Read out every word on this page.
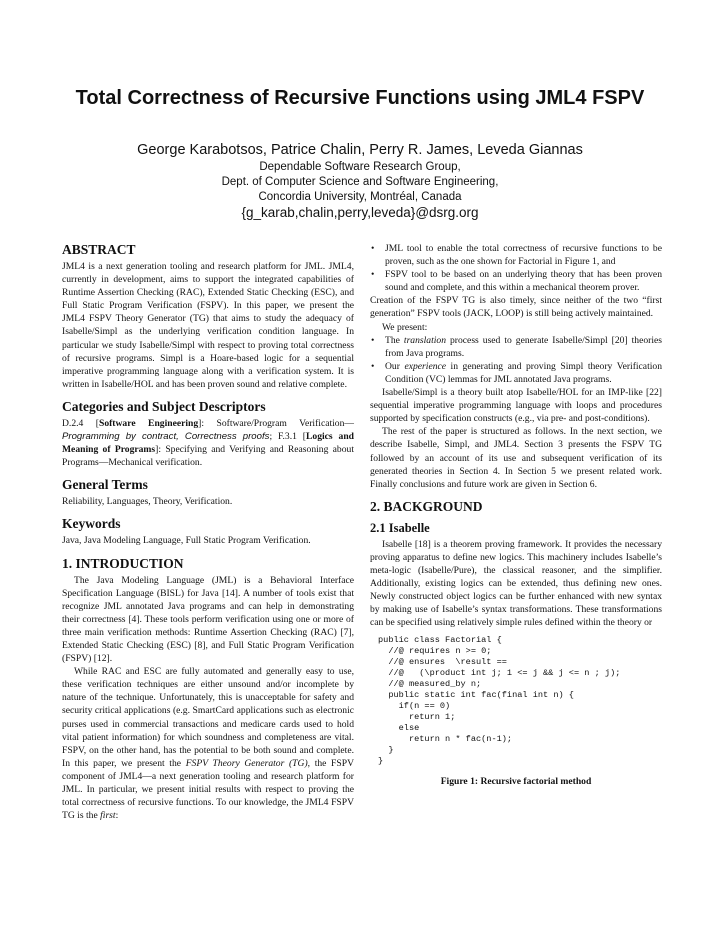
Total Correctness of Recursive Functions using JML4 FSPV
George Karabotsos, Patrice Chalin, Perry R. James, Leveda Giannas
Dependable Software Research Group,
Dept. of Computer Science and Software Engineering,
Concordia University, Montréal, Canada
{g_karab,chalin,perry,leveda}@dsrg.org
ABSTRACT

JML4 is a next generation tooling and research platform for JML. JML4, currently in development, aims to support the integrated capabilities of Runtime Assertion Checking (RAC), Extended Static Checking (ESC), and Full Static Program Verification (FSPV). In this paper, we present the JML4 FSPV Theory Generator (TG) that aims to study the adequacy of Isabelle/Simpl as the underlying verification condition language. In particular we study Isabelle/Simpl with respect to proving total correctness of recursive programs. Simpl is a Hoare-based logic for a sequential imperative programming language along with a verification system. It is written in Isabelle/HOL and has been proven sound and relative complete.

Categories and Subject Descriptors

D.2.4 [Software Engineering]: Software/Program Verification—Programming by contract, Correctness proofs; F.3.1 [Logics and Meaning of Programs]: Specifying and Verifying and Reasoning about Programs—Mechanical verification.

General Terms

Reliability, Languages, Theory, Verification.

Keywords

Java, Java Modeling Language, Full Static Program Verification.

1. INTRODUCTION

The Java Modeling Language (JML) is a Behavioral Interface Specification Language (BISL) for Java [14]. A number of tools exist that recognize JML annotated Java programs and can help in demonstrating their correctness [4]. These tools perform verification using one or more of three main verification methods: Runtime Assertion Checking (RAC) [7], Extended Static Checking (ESC) [8], and Full Static Program Verification (FSPV) [12].

While RAC and ESC are fully automated and generally easy to use, these verification techniques are either unsound and/or incomplete by nature of the technique. Unfortunately, this is unacceptable for safety and security critical applications (e.g. SmartCard applications such as electronic purses used in commercial transactions and medicare cards used to hold vital patient information) for which soundness and completeness are vital. FSPV, on the other hand, has the potential to be both sound and complete. In this paper, we present the FSPV Theory Generator (TG), the FSPV component of JML4—a next generation tooling and research platform for JML. In particular, we present initial results with respect to proving the total correctness of recursive functions. To our knowledge, the JML4 FSPV TG is the first:

• JML tool to enable the total correctness of recursive functions to be proven, such as the one shown for Factorial in Figure 1, and
• FSPV tool to be based on an underlying theory that has been proven sound and complete, and this within a mechanical theorem prover.

Creation of the FSPV TG is also timely, since neither of the two “first generation” FSPV tools (JACK, LOOP) is still being actively maintained.

We present:

• The translation process used to generate Isabelle/Simpl [20] theories from Java programs.
• Our experience in generating and proving Simpl theory Verification Condition (VC) lemmas for JML annotated Java programs.

Isabelle/Simpl is a theory built atop Isabelle/HOL for an IMP-like [22] sequential imperative programming language with loops and procedures supported by specification constructs (e.g., via pre- and post-conditions).

The rest of the paper is structured as follows. In the next section, we describe Isabelle, Simpl, and JML4. Section 3 presents the FSPV TG followed by an account of its use and subsequent verification of its generated theories in Section 4. In Section 5 we present related work. Finally conclusions and future work are given in Section 6.

2. BACKGROUND
2.1 Isabelle

Isabelle [18] is a theorem proving framework. It provides the necessary proving apparatus to define new logics. This machinery includes Isabelle’s meta-logic (Isabelle/Pure), the classical reasoner, and the simplifier. Additionally, existing logics can be extended, thus defining new ones. Newly constructed object logics can be further enhanced with new syntax by making use of Isabelle’s syntax transformations. These transformations can be specified using relatively simple rules defined within the theory or

public class Factorial {
//@ requires n >= 0;
//@ ensures  \result ==
//@   (\product int j; 1 <= j && j <= n ; j);
//@ measured_by n;
public static int fac(final int n) {
if(n == 0)
return 1;
else
return n * fac(n-1);
}
}
Figure 1: Recursive factorial method
